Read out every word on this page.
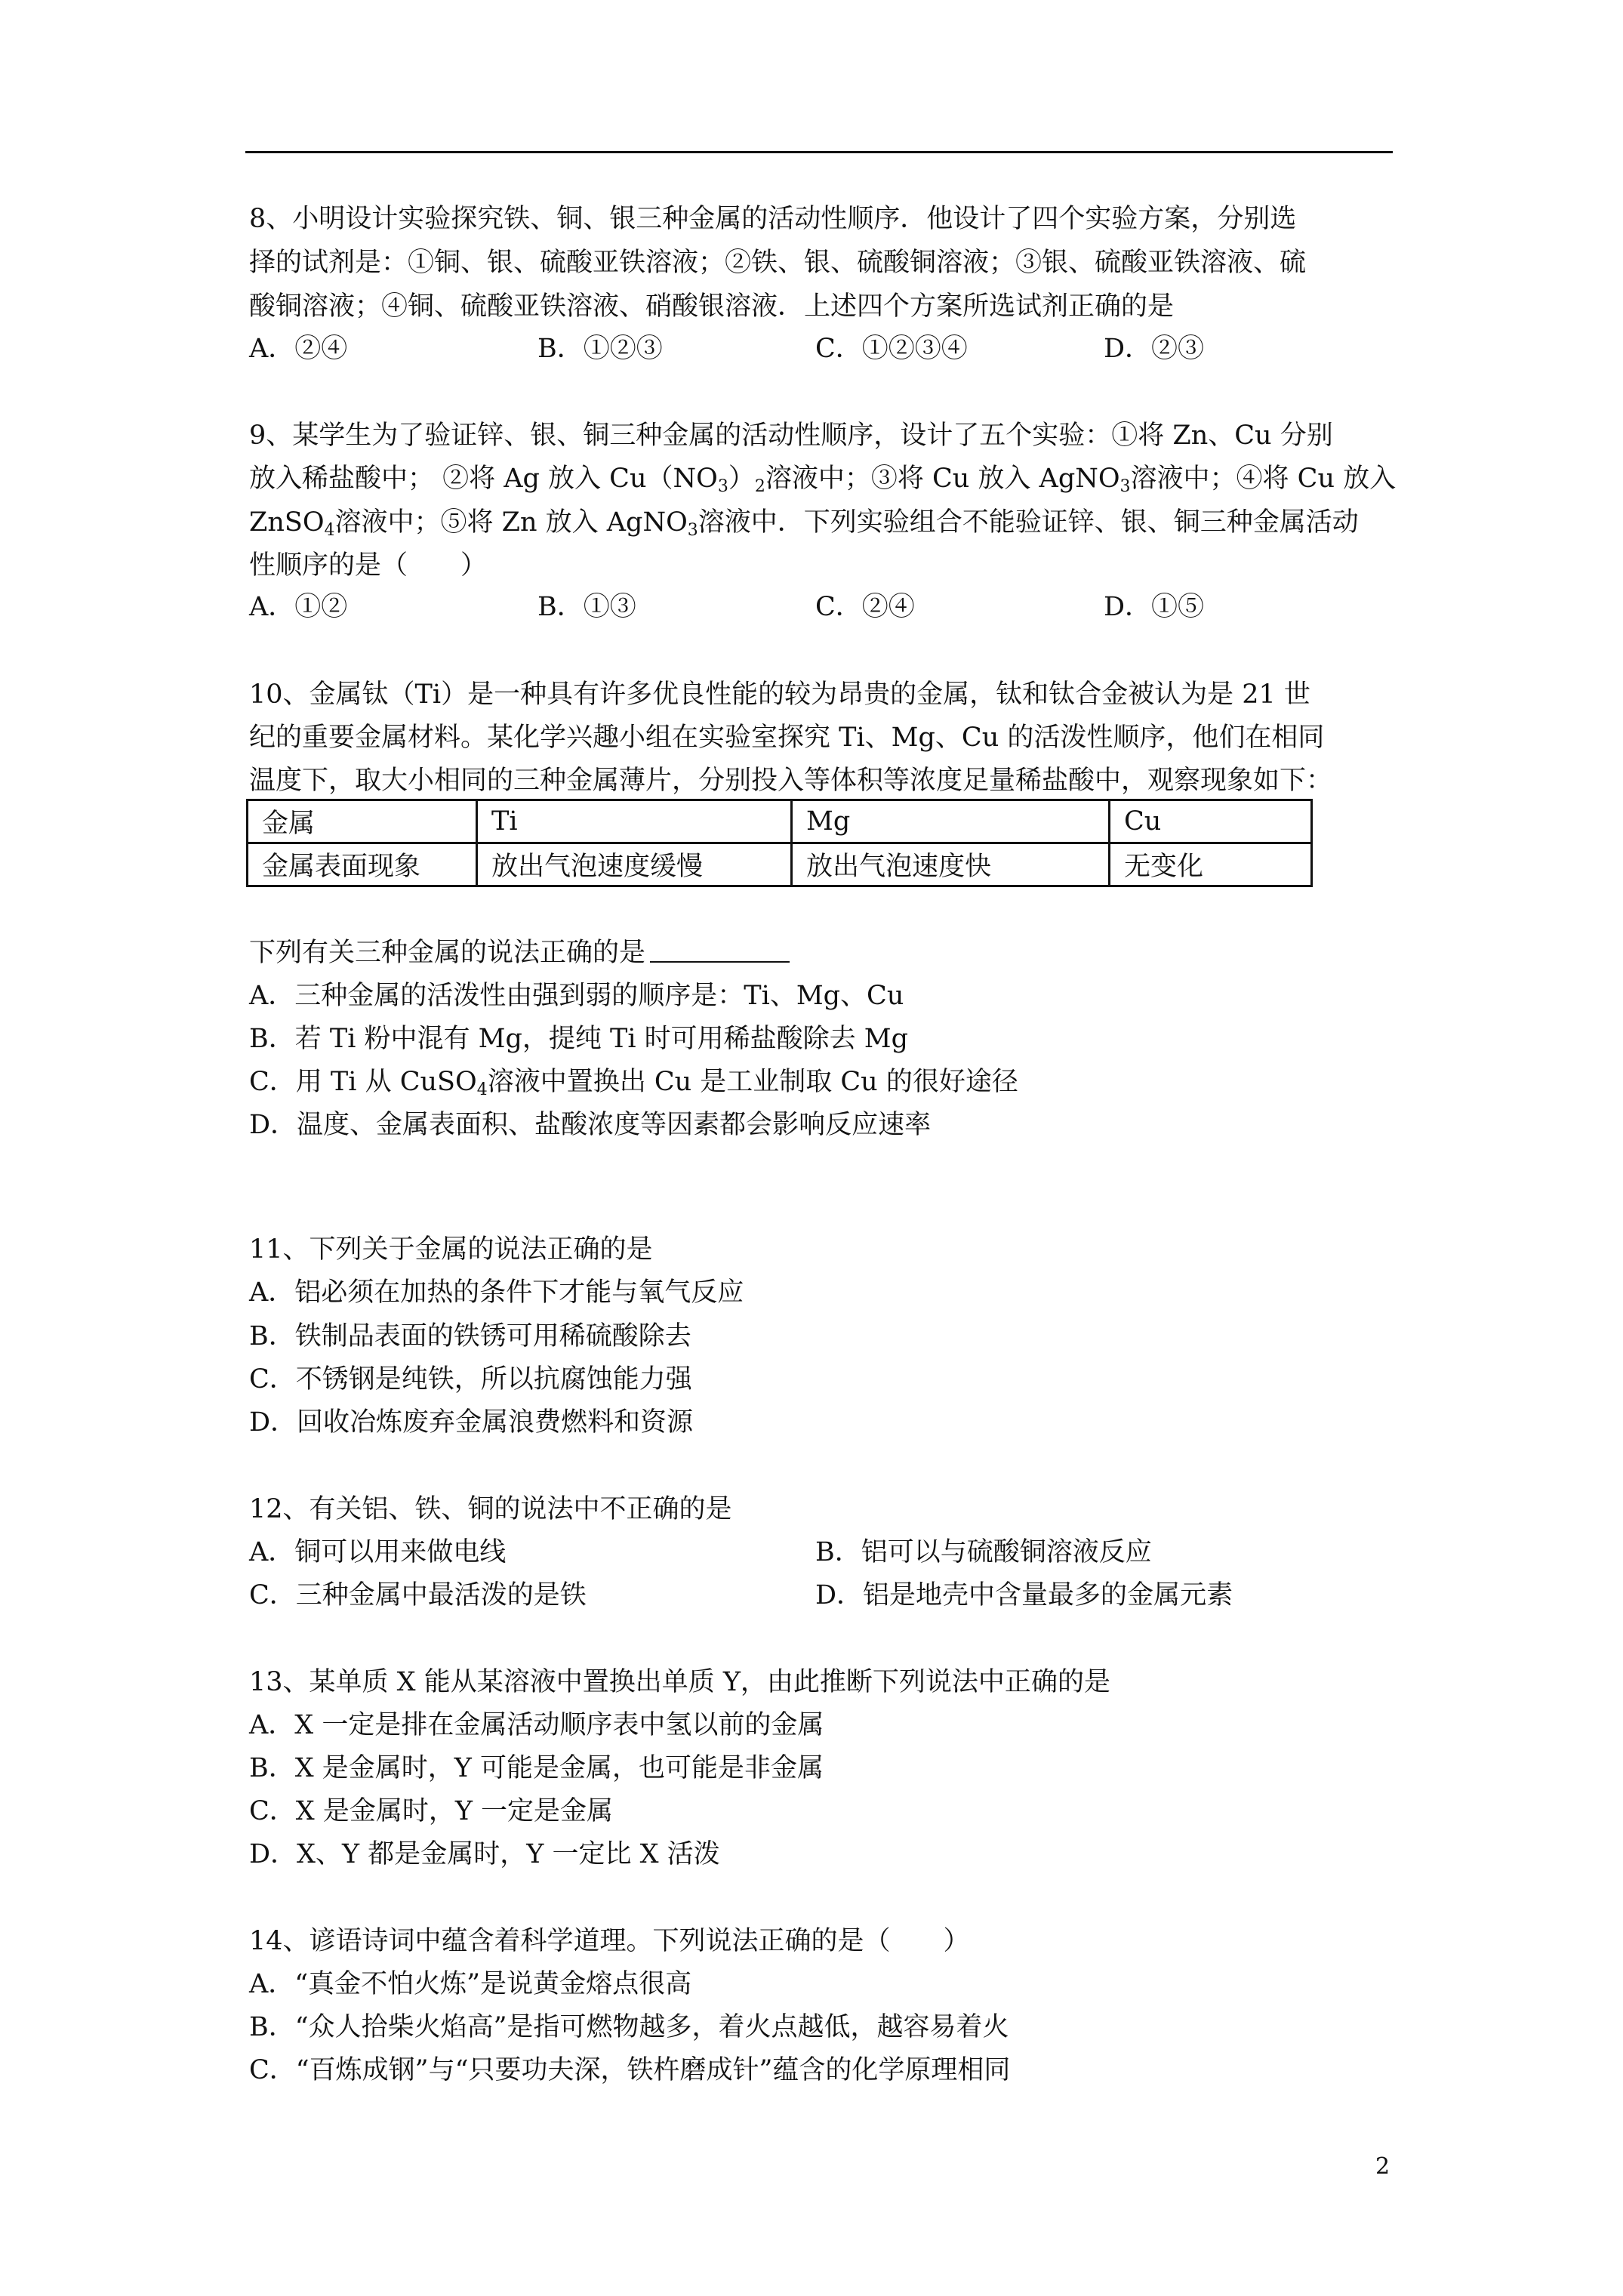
8、小明设计实验探究铁、铜、银三种金属的活动性顺序．他设计了四个实验方案，分别选
择的试剂是：①铜、银、硫酸亚铁溶液；②铁、银、硫酸铜溶液；③银、硫酸亚铁溶液、硫
酸铜溶液；④铜、硫酸亚铁溶液、硝酸银溶液．上述四个方案所选试剂正确的是
A．②④	B．①②③	C．①②③④	D．②③
9、某学生为了验证锌、银、铜三种金属的活动性顺序，设计了五个实验：①将 Zn、Cu 分别
放入稀盐酸中； ②将 Ag 放入 $Cu(NO_3)_2$溶液中；③将 Cu 放入 AgNO$_3$溶液中；④将 Cu 放入
ZnSO$_4$溶液中；⑤将 Zn 放入 AgNO$_3$溶液中．下列实验组合不能验证锌、银、铜三种金属活动
性顺序的是（　　）
A．①②	B．①③	C．②④	D．①⑤
10、金属钛（Ti）是一种具有许多优良性能的较为昂贵的金属，钛和钛合金被认为是 21 世
纪的重要金属材料。某化学兴趣小组在实验室探究 Ti、Mg、Cu 的活泼性顺序，他们在相同
温度下，取大小相同的三种金属薄片，分别投入等体积等浓度足量稀盐酸中，观察现象如下：
金属	Ti	Mg	Cu
金属表面现象	放出气泡速度缓慢	放出气泡速度快	无变化
下列有关三种金属的说法正确的是
A．三种金属的活泼性由强到弱的顺序是：Ti、Mg、Cu
B．若 Ti 粉中混有 Mg，提纯 Ti 时可用稀盐酸除去 Mg
C．用 Ti 从 CuSO$_4$溶液中置换出 Cu 是工业制取 Cu 的很好途径
D．温度、金属表面积、盐酸浓度等因素都会影响反应速率
11、下列关于金属的说法正确的是
A．铝必须在加热的条件下才能与氧气反应
B．铁制品表面的铁锈可用稀硫酸除去
C．不锈钢是纯铁，所以抗腐蚀能力强
D．回收冶炼废弃金属浪费燃料和资源
12、有关铝、铁、铜的说法中不正确的是
A．铜可以用来做电线	B．铝可以与硫酸铜溶液反应
C．三种金属中最活泼的是铁	D．铝是地壳中含量最多的金属元素
13、某单质 X 能从某溶液中置换出单质 Y，由此推断下列说法中正确的是
A．X 一定是排在金属活动顺序表中氢以前的金属
B．X 是金属时，Y 可能是金属，也可能是非金属
C．X 是金属时，Y 一定是金属
D．X、Y 都是金属时，Y 一定比 X 活泼
14、谚语诗词中蕴含着科学道理。下列说法正确的是（　　）
A．“真金不怕火炼”是说黄金熔点很高
B．“众人拾柴火焰高”是指可燃物越多，着火点越低，越容易着火
C．“百炼成钢”与“只要功夫深，铁杵磨成针”蕴含的化学原理相同
2
